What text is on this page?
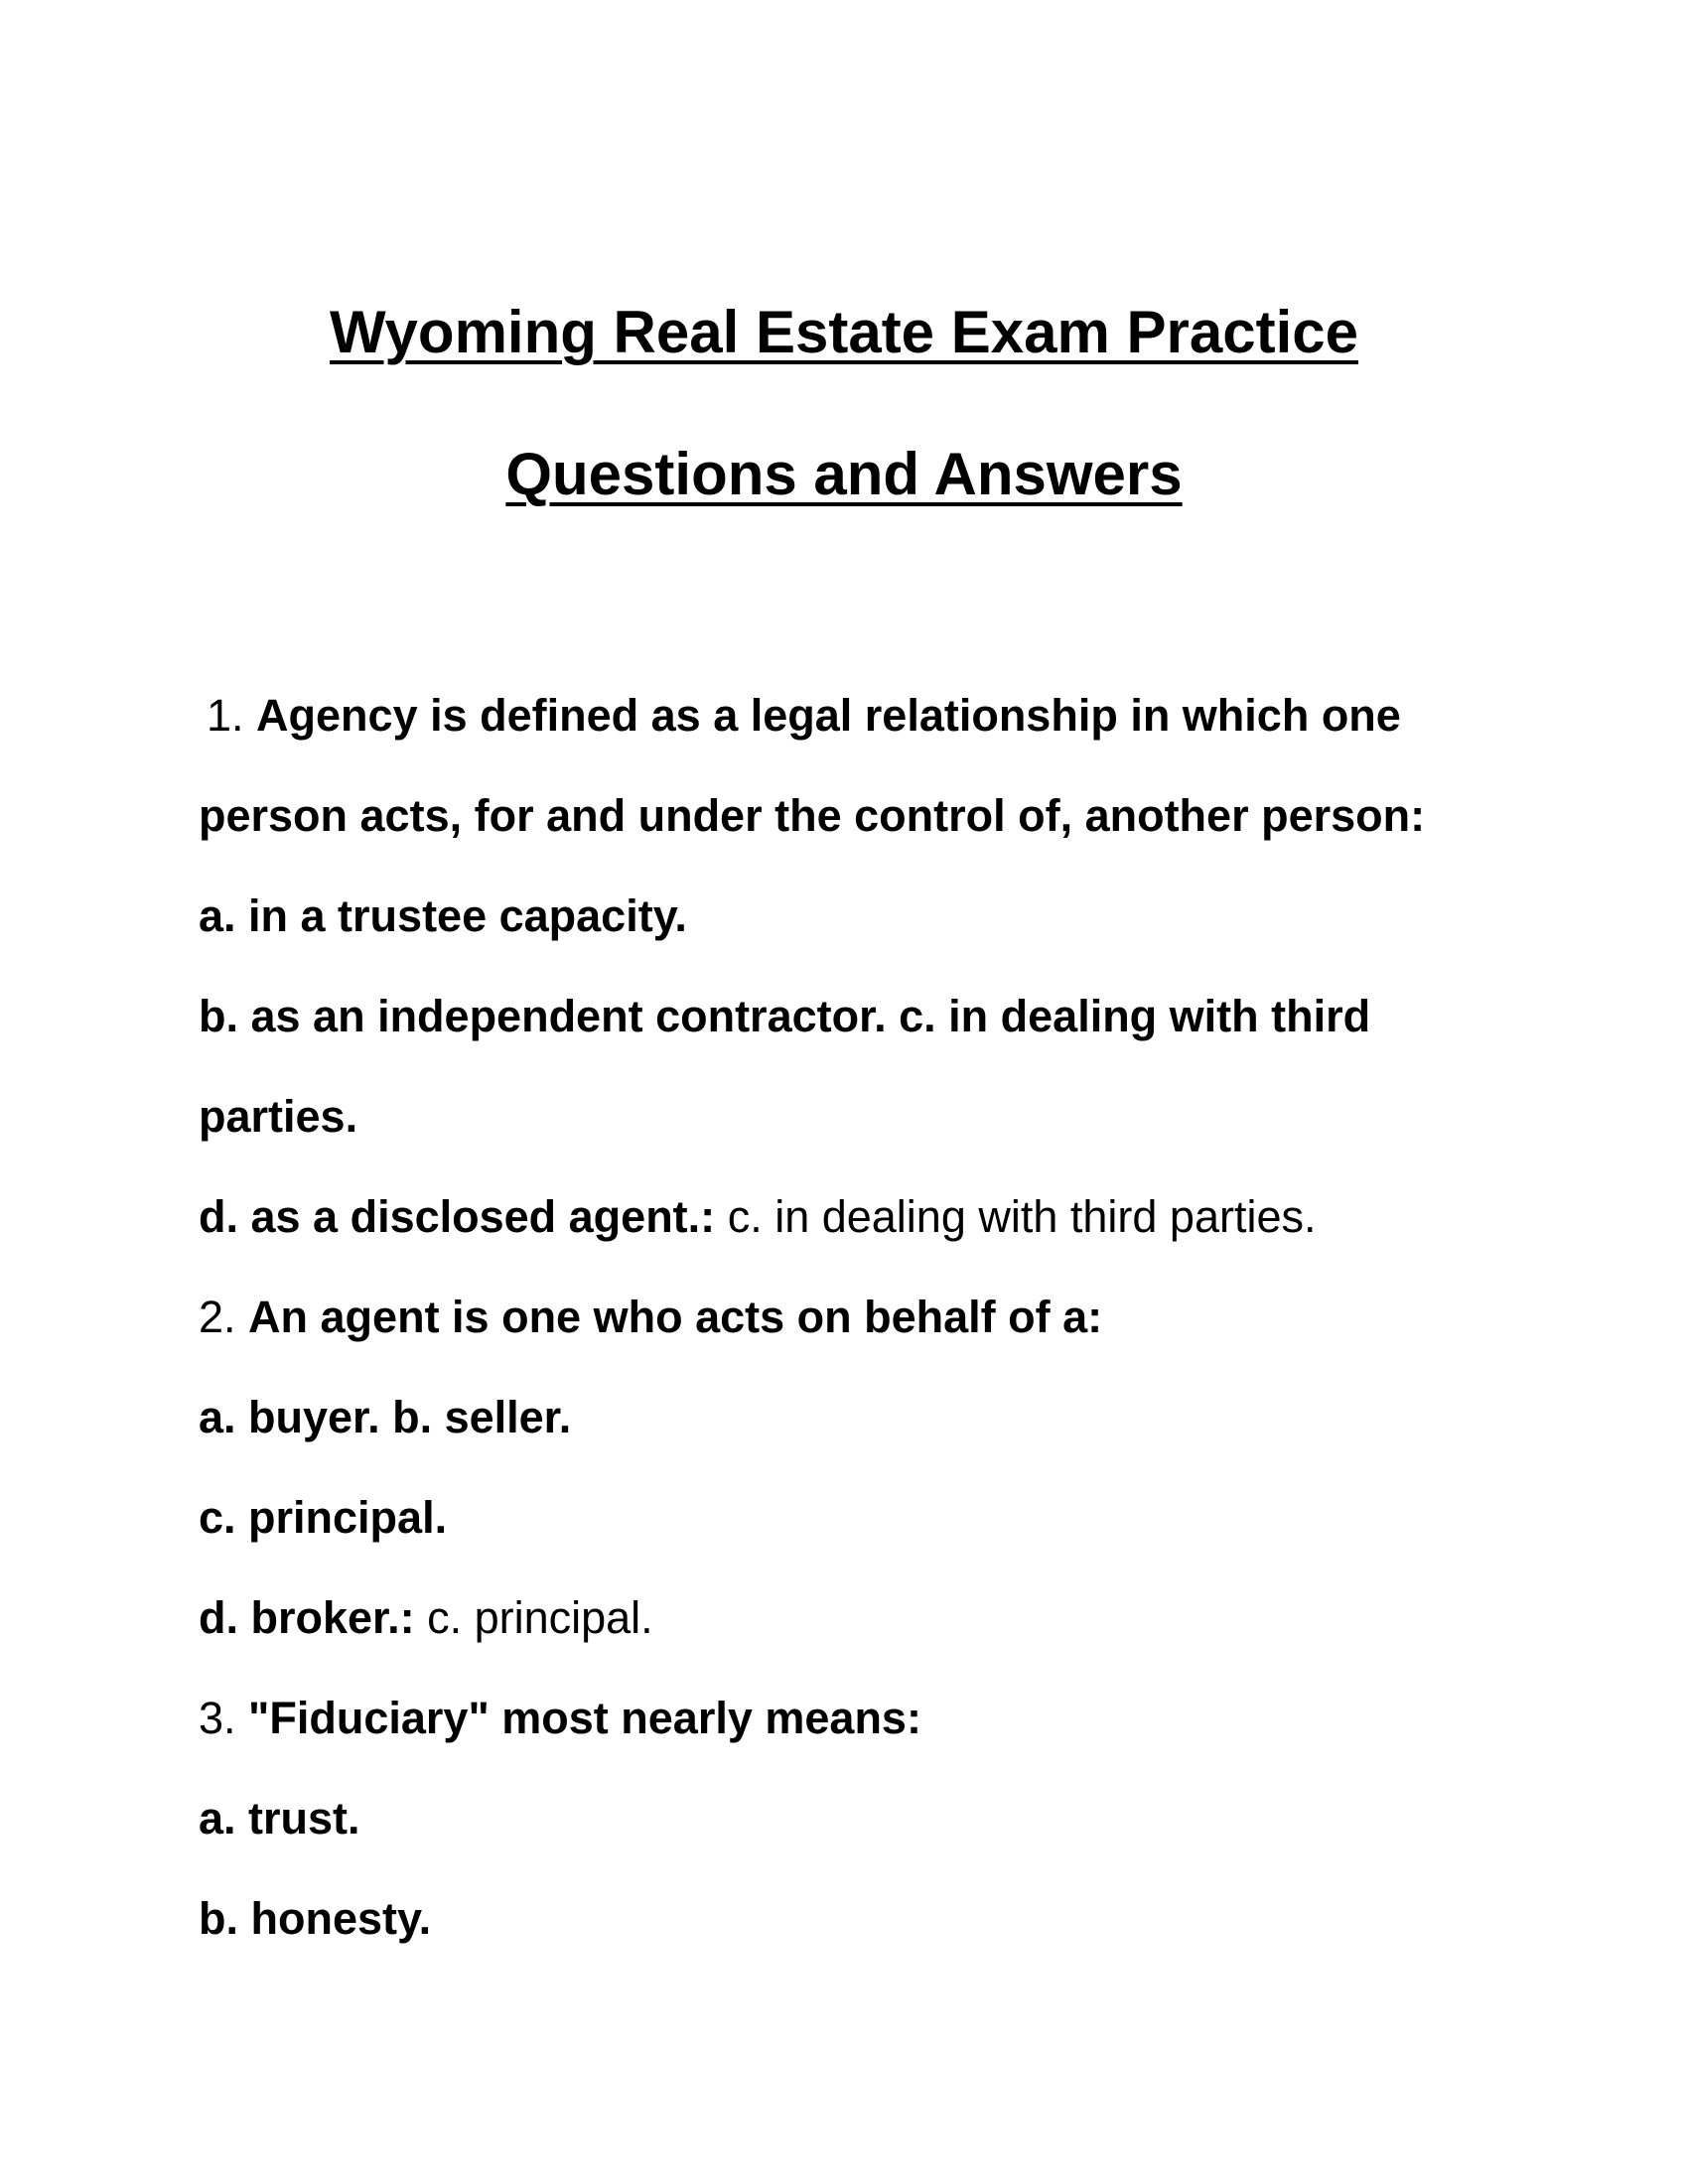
Wyoming Real Estate Exam Practice
Questions and Answers
1. Agency is defined as a legal relationship in which one
person acts, for and under the control of, another person:
a. in a trustee capacity.
b. as an independent contractor. c. in dealing with third
parties.
d. as a disclosed agent.: c. in dealing with third parties.
2. An agent is one who acts on behalf of a:
a. buyer. b. seller.
c. principal.
d. broker.: c. principal.
3. "Fiduciary" most nearly means:
a. trust.
b. honesty.
